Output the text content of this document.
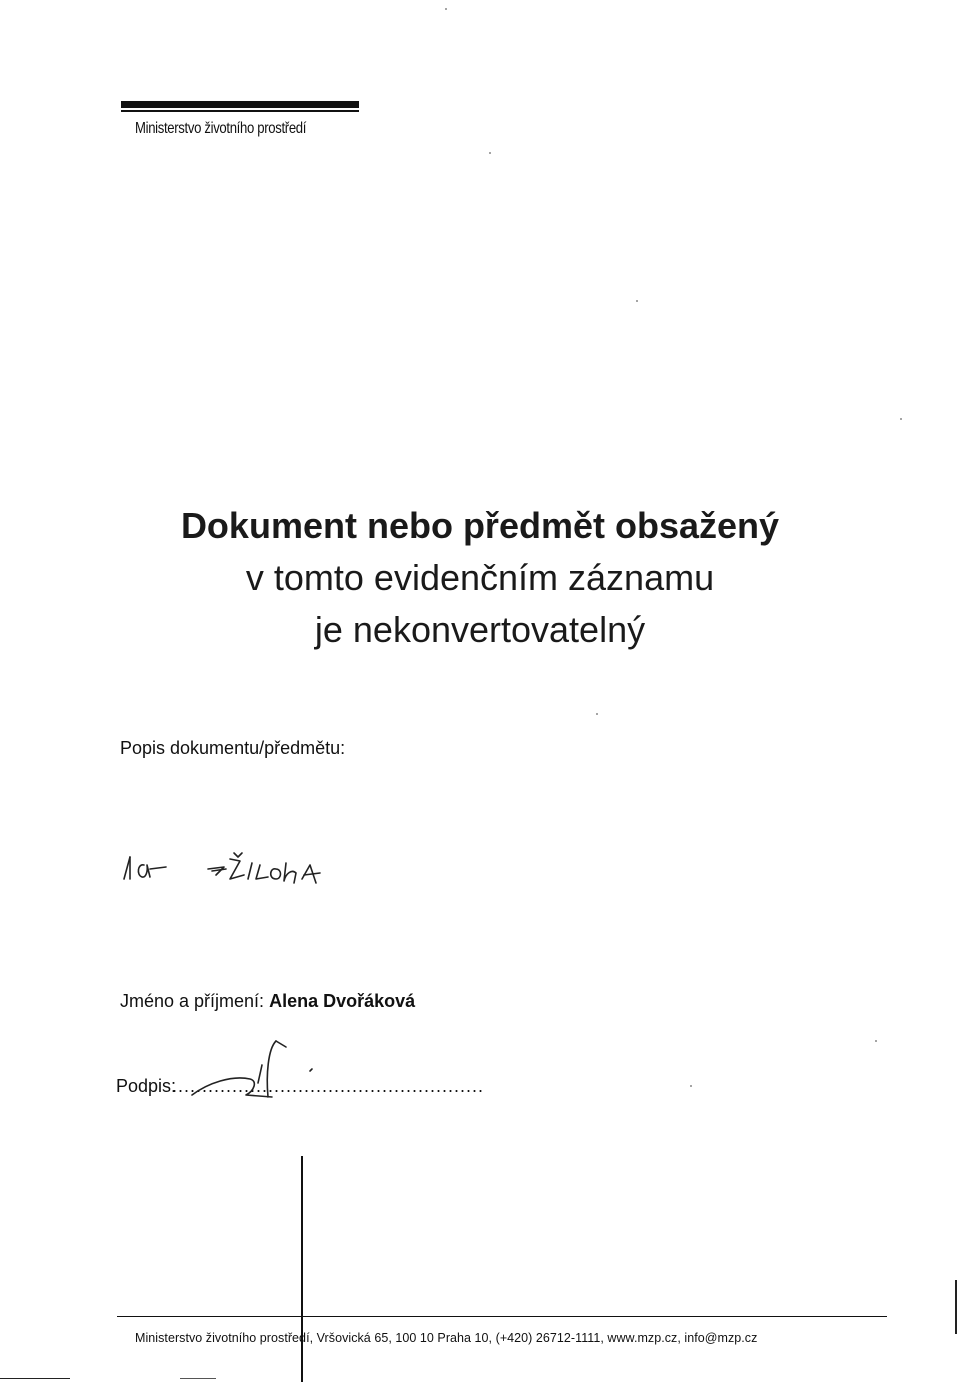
Ministerstvo životního prostředí
Dokument nebo předmět obsažený
v tomto evidenčním záznamu
je nekonvertovatelný
Popis dokumentu/předmětu:
Jméno a příjmení: Alena Dvořáková
Podpis:
....................................................
Ministerstvo životního prostředí, Vršovická 65, 100 10 Praha 10, (+420) 26712-1111, www.mzp.cz, info@mzp.cz
